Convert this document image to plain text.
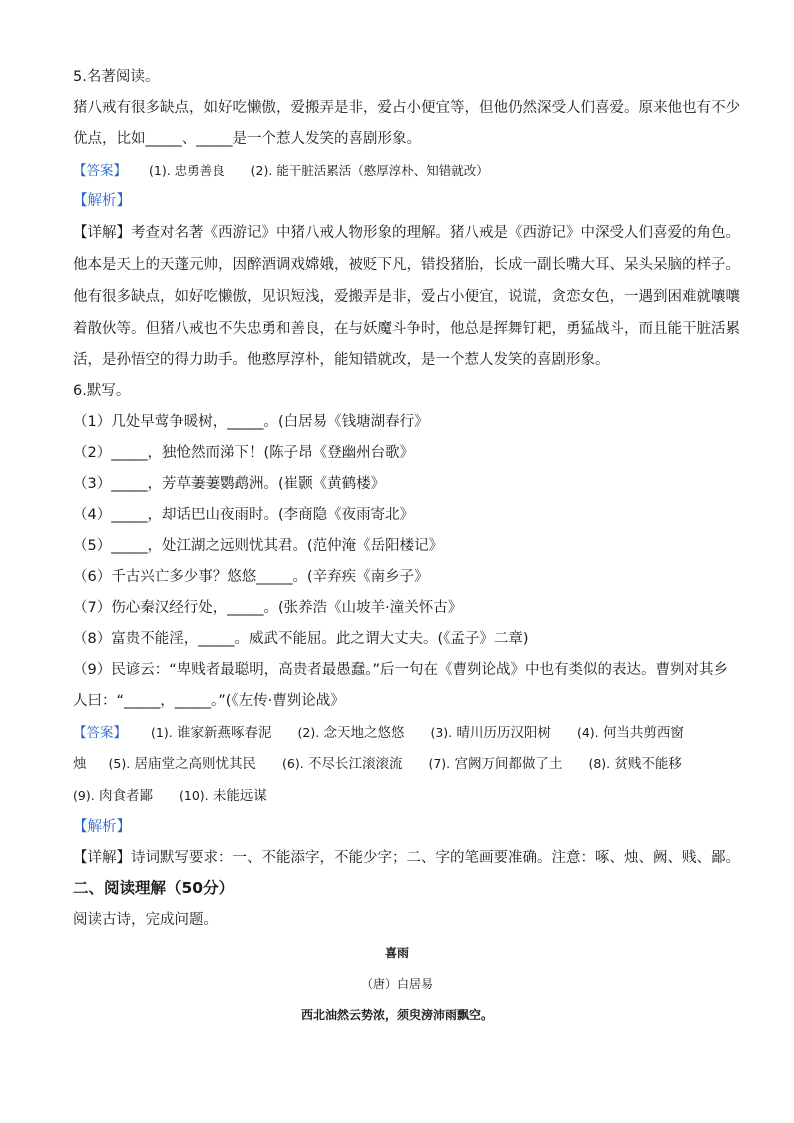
5.名著阅读。
猪八戒有很多缺点，如好吃懒傲，爱搬弄是非，爱占小便宜等，但他仍然深受人们喜爱。原来他也有不少
优点，比如_____、_____是一个惹人发笑的喜剧形象。
【答案】 (1). 忠勇善良 (2). 能干脏活累活（憨厚淳朴、知错就改）
【解析】
【详解】考查对名著《西游记》中猪八戒人物形象的理解。猪八戒是《西游记》中深受人们喜爱的角色。
他本是天上的天蓬元帅，因醉酒调戏嫦娥，被贬下凡，错投猪胎，长成一副长嘴大耳、呆头呆脑的样子。
他有很多缺点，如好吃懒傲，见识短浅，爱搬弄是非，爱占小便宜，说谎，贪恋女色，一遇到困难就嚷嚷
着散伙等。但猪八戒也不失忠勇和善良，在与妖魔斗争时，他总是挥舞钉耙，勇猛战斗，而且能干脏活累
活，是孙悟空的得力助手。他憨厚淳朴，能知错就改，是一个惹人发笑的喜剧形象。
6.默写。
（1）几处早莺争暖树，_____。(白居易《钱塘湖春行》
（2）_____，独怆然而涕下！(陈子昂《登幽州台歌》
（3）_____，芳草萋萋鹦鹉洲。(崔颢《黄鹤楼》
（4）_____，却话巴山夜雨时。(李商隐《夜雨寄北》
（5）_____，处江湖之远则忧其君。(范仲淹《岳阳楼记》
（6）千古兴亡多少事？悠悠_____。(辛弃疾《南乡子》
（7）伤心秦汉经行处，_____。(张养浩《山坡羊·潼关怀古》
（8）富贵不能淫，_____。威武不能屈。此之谓大丈夫。(《孟子》二章)
（9）民谚云：“卑贱者最聪明，高贵者最愚蠢。”后一句在《曹刿论战》中也有类似的表达。曹刿对其乡
人曰：“_____，_____。”(《左传·曹刿论战》
【答案】 (1). 谁家新燕啄春泥 (2). 念天地之悠悠 (3). 晴川历历汉阳树 (4). 何当共剪西窗
烛 (5). 居庙堂之高则忧其民 (6). 不尽长江滚滚流 (7). 宫阙万间都做了土 (8). 贫贱不能移
(9). 肉食者鄙 (10). 未能远谋
【解析】
【详解】诗词默写要求：一、不能添字，不能少字；二、字的笔画要准确。注意：啄、烛、阙、贱、鄙。
二、阅读理解（50分）
阅读古诗，完成问题。
喜雨
（唐）白居易
西北油然云势浓，须臾滂沛雨飘空。
